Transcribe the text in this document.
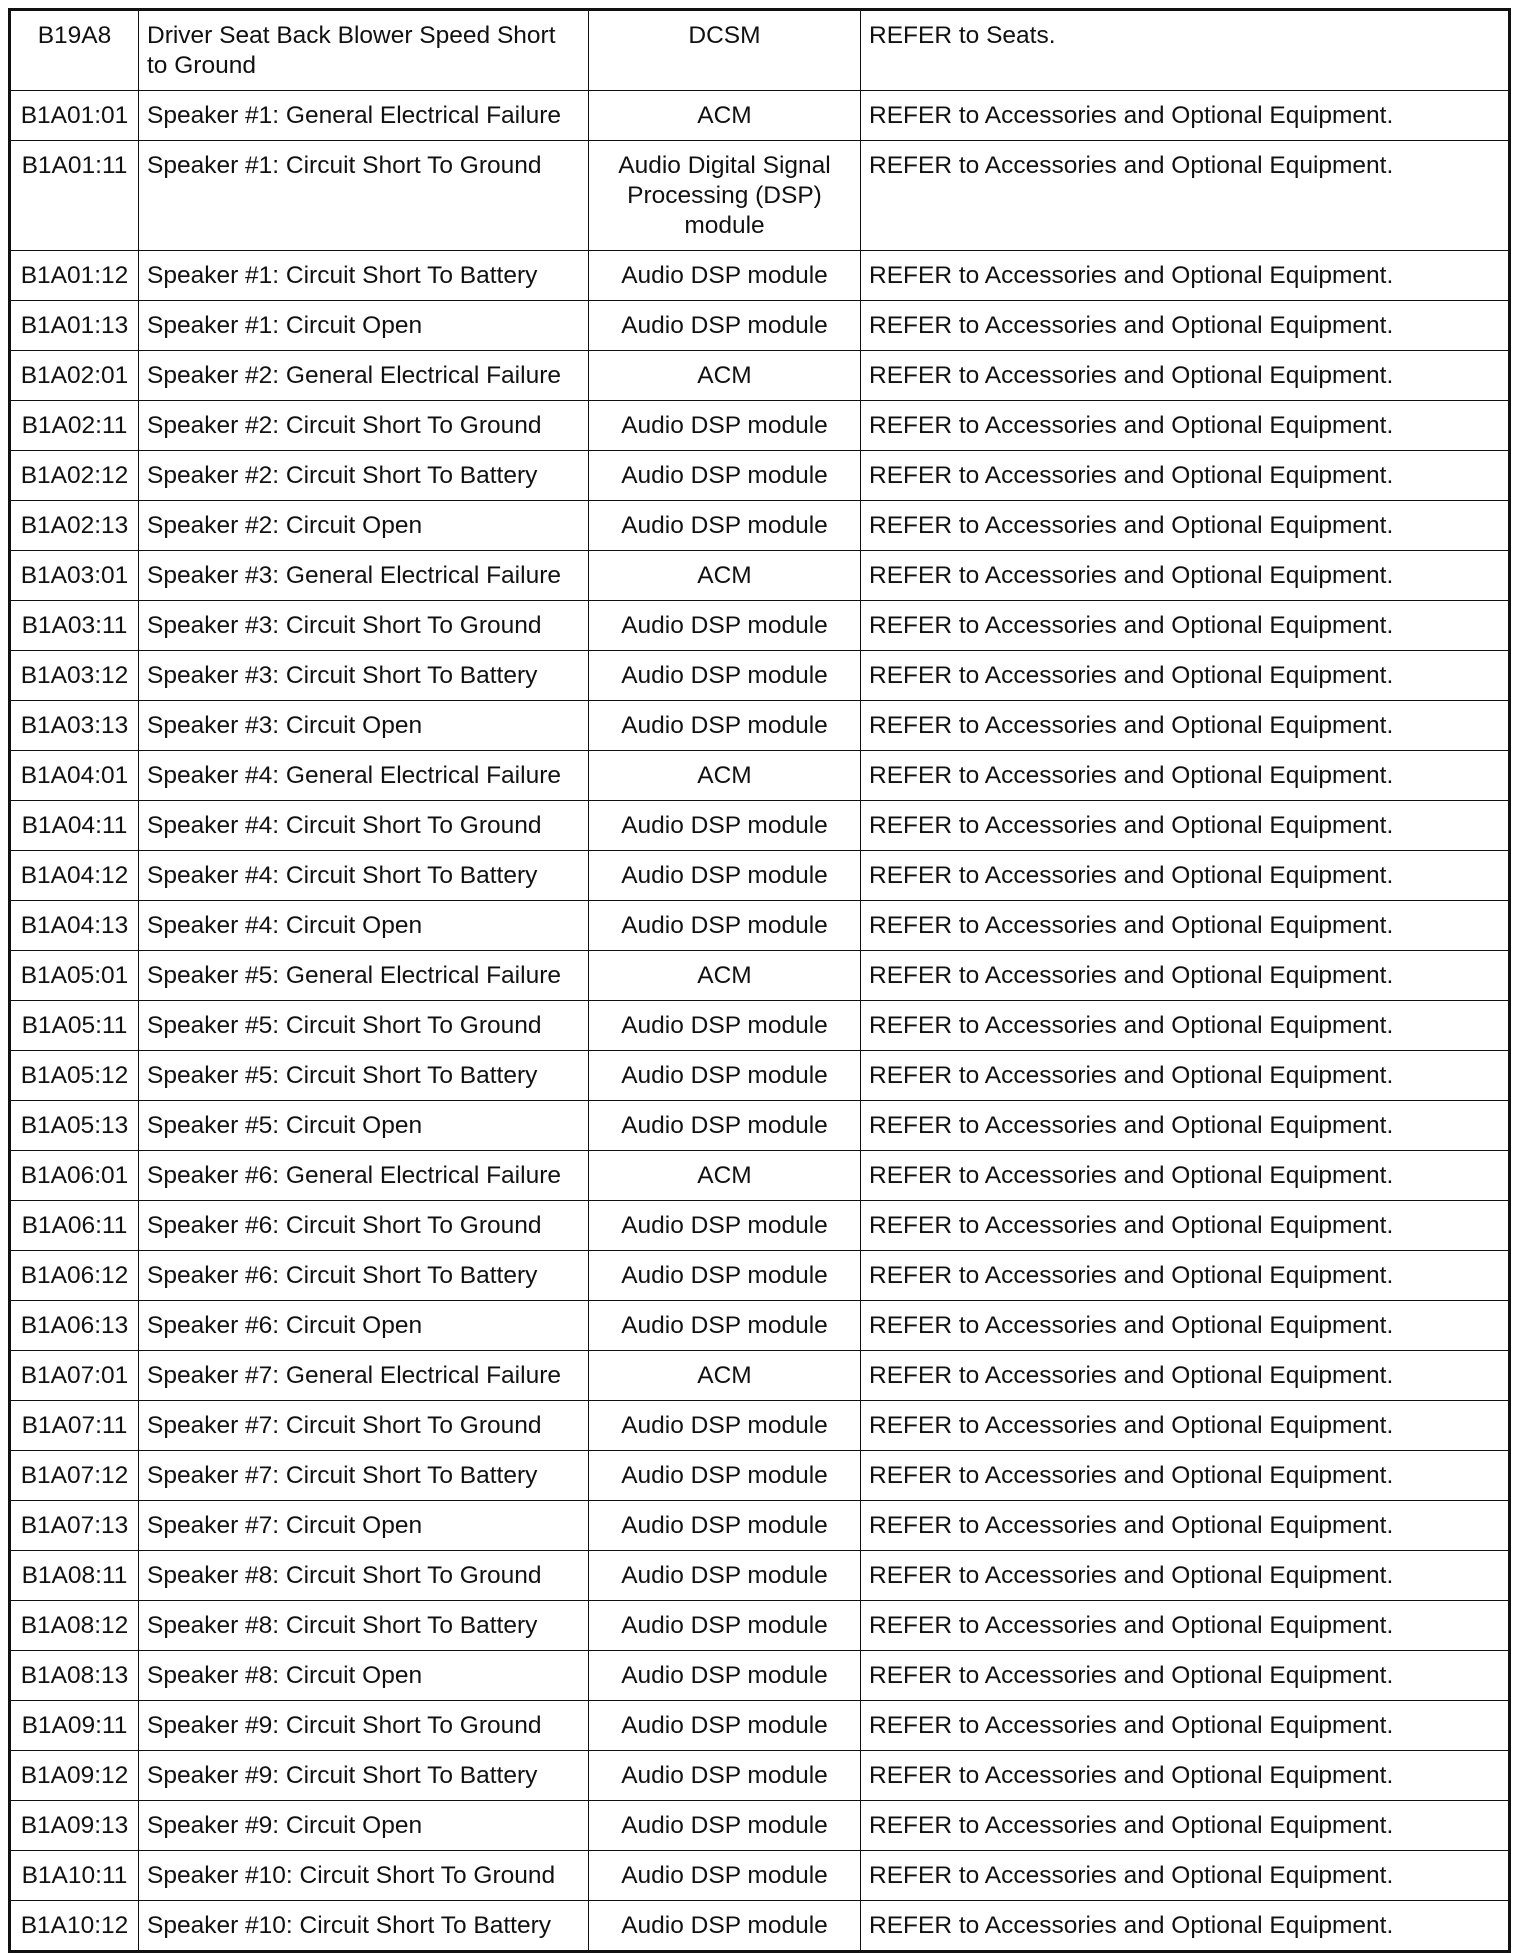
B19A8	Driver Seat Back Blower Speed Short to Ground	DCSM	REFER to Seats.
B1A01:01	Speaker #1: General Electrical Failure	ACM	REFER to Accessories and Optional Equipment.
B1A01:11	Speaker #1: Circuit Short To Ground	Audio Digital Signal Processing (DSP) module	REFER to Accessories and Optional Equipment.
B1A01:12	Speaker #1: Circuit Short To Battery	Audio DSP module	REFER to Accessories and Optional Equipment.
B1A01:13	Speaker #1: Circuit Open	Audio DSP module	REFER to Accessories and Optional Equipment.
B1A02:01	Speaker #2: General Electrical Failure	ACM	REFER to Accessories and Optional Equipment.
B1A02:11	Speaker #2: Circuit Short To Ground	Audio DSP module	REFER to Accessories and Optional Equipment.
B1A02:12	Speaker #2: Circuit Short To Battery	Audio DSP module	REFER to Accessories and Optional Equipment.
B1A02:13	Speaker #2: Circuit Open	Audio DSP module	REFER to Accessories and Optional Equipment.
B1A03:01	Speaker #3: General Electrical Failure	ACM	REFER to Accessories and Optional Equipment.
B1A03:11	Speaker #3: Circuit Short To Ground	Audio DSP module	REFER to Accessories and Optional Equipment.
B1A03:12	Speaker #3: Circuit Short To Battery	Audio DSP module	REFER to Accessories and Optional Equipment.
B1A03:13	Speaker #3: Circuit Open	Audio DSP module	REFER to Accessories and Optional Equipment.
B1A04:01	Speaker #4: General Electrical Failure	ACM	REFER to Accessories and Optional Equipment.
B1A04:11	Speaker #4: Circuit Short To Ground	Audio DSP module	REFER to Accessories and Optional Equipment.
B1A04:12	Speaker #4: Circuit Short To Battery	Audio DSP module	REFER to Accessories and Optional Equipment.
B1A04:13	Speaker #4: Circuit Open	Audio DSP module	REFER to Accessories and Optional Equipment.
B1A05:01	Speaker #5: General Electrical Failure	ACM	REFER to Accessories and Optional Equipment.
B1A05:11	Speaker #5: Circuit Short To Ground	Audio DSP module	REFER to Accessories and Optional Equipment.
B1A05:12	Speaker #5: Circuit Short To Battery	Audio DSP module	REFER to Accessories and Optional Equipment.
B1A05:13	Speaker #5: Circuit Open	Audio DSP module	REFER to Accessories and Optional Equipment.
B1A06:01	Speaker #6: General Electrical Failure	ACM	REFER to Accessories and Optional Equipment.
B1A06:11	Speaker #6: Circuit Short To Ground	Audio DSP module	REFER to Accessories and Optional Equipment.
B1A06:12	Speaker #6: Circuit Short To Battery	Audio DSP module	REFER to Accessories and Optional Equipment.
B1A06:13	Speaker #6: Circuit Open	Audio DSP module	REFER to Accessories and Optional Equipment.
B1A07:01	Speaker #7: General Electrical Failure	ACM	REFER to Accessories and Optional Equipment.
B1A07:11	Speaker #7: Circuit Short To Ground	Audio DSP module	REFER to Accessories and Optional Equipment.
B1A07:12	Speaker #7: Circuit Short To Battery	Audio DSP module	REFER to Accessories and Optional Equipment.
B1A07:13	Speaker #7: Circuit Open	Audio DSP module	REFER to Accessories and Optional Equipment.
B1A08:11	Speaker #8: Circuit Short To Ground	Audio DSP module	REFER to Accessories and Optional Equipment.
B1A08:12	Speaker #8: Circuit Short To Battery	Audio DSP module	REFER to Accessories and Optional Equipment.
B1A08:13	Speaker #8: Circuit Open	Audio DSP module	REFER to Accessories and Optional Equipment.
B1A09:11	Speaker #9: Circuit Short To Ground	Audio DSP module	REFER to Accessories and Optional Equipment.
B1A09:12	Speaker #9: Circuit Short To Battery	Audio DSP module	REFER to Accessories and Optional Equipment.
B1A09:13	Speaker #9: Circuit Open	Audio DSP module	REFER to Accessories and Optional Equipment.
B1A10:11	Speaker #10: Circuit Short To Ground	Audio DSP module	REFER to Accessories and Optional Equipment.
B1A10:12	Speaker #10: Circuit Short To Battery	Audio DSP module	REFER to Accessories and Optional Equipment.
